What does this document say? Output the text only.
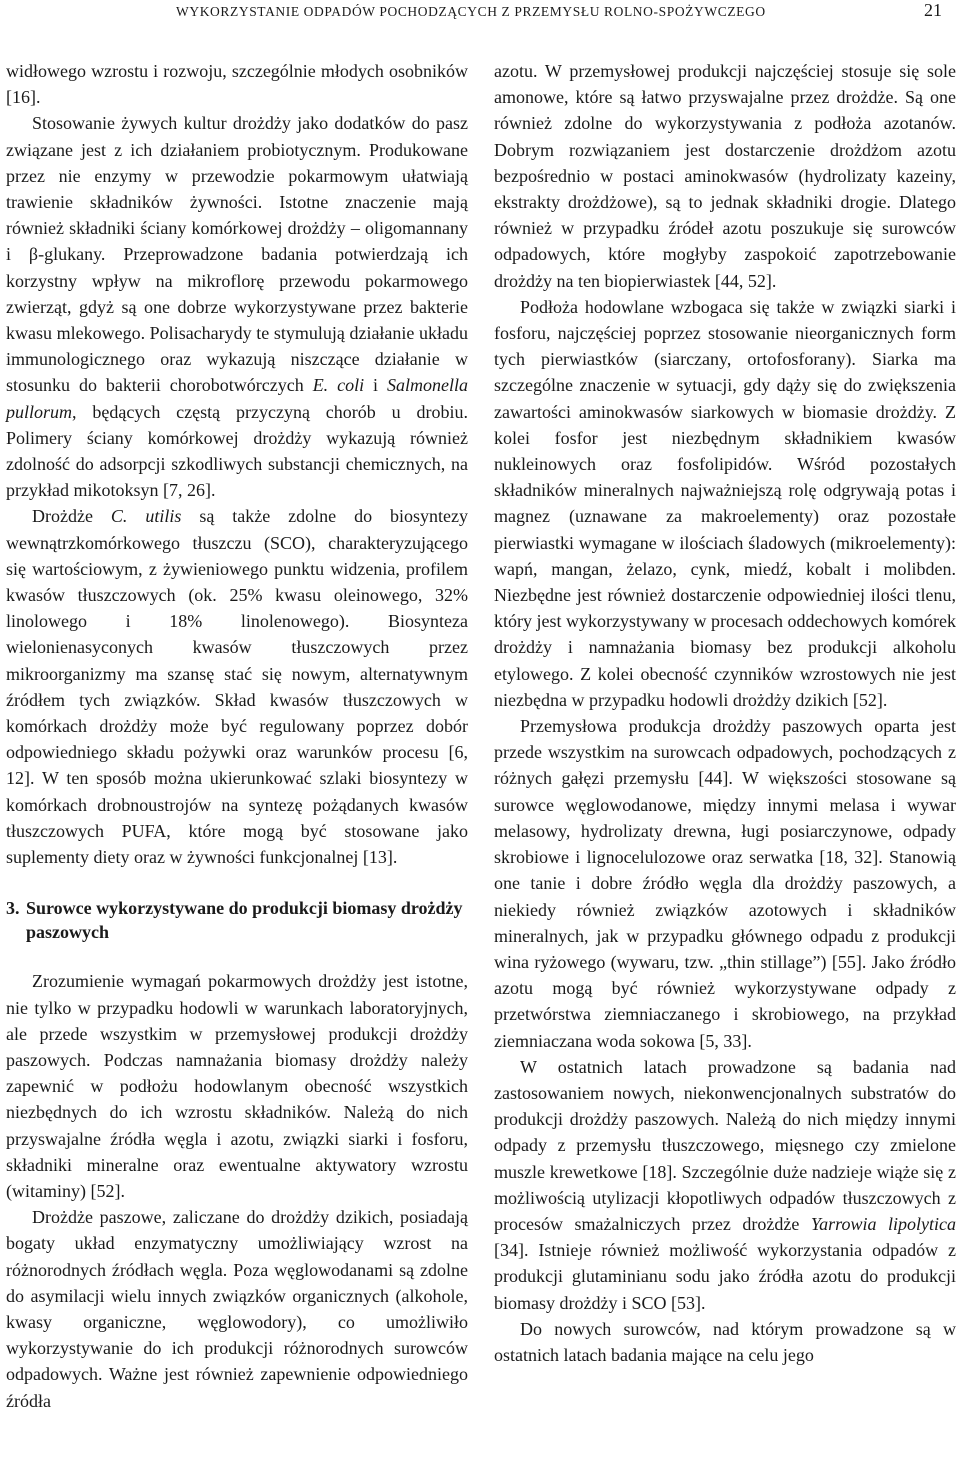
WYKORZYSTANIE ODPADÓW POCHODZĄCYCH Z PRZEMYSŁU ROLNO-SPOŻYWCZEGO	21

widłowego wzrostu i rozwoju, szczególnie młodych osobników [16].

Stosowanie żywych kultur drożdży jako dodatków do pasz związane jest z ich działaniem probiotycznym. Produkowane przez nie enzymy w przewodzie pokarmowym ułatwiają trawienie składników żywności. Istotne znaczenie mają również składniki ściany komórkowej drożdży – oligomannany i β-glukany. Przeprowadzone badania potwierdzają ich korzystny wpływ na mikroflorę przewodu pokarmowego zwierząt, gdyż są one dobrze wykorzystywane przez bakterie kwasu mlekowego. Polisacharydy te stymulują działanie układu immunologicznego oraz wykazują niszczące działanie w stosunku do bakterii chorobotwórczych E. coli i Salmonella pullorum, będących częstą przyczyną chorób u drobiu. Polimery ściany komórkowej drożdży wykazują również zdolność do adsorpcji szkodliwych substancji chemicznych, na przykład mikotoksyn [7, 26].

Drożdże C. utilis są także zdolne do biosyntezy wewnątrzkomórkowego tłuszczu (SCO), charakteryzującego się wartościowym, z żywieniowego punktu widzenia, profilem kwasów tłuszczowych (ok. 25% kwasu oleinowego, 32% linolowego i 18% linolenowego). Biosynteza wielonienasyconych kwasów tłuszczowych przez mikroorganizmy ma szansę stać się nowym, alternatywnym źródłem tych związków. Skład kwasów tłuszczowych w komórkach drożdży może być regulowany poprzez dobór odpowiedniego składu pożywki oraz warunków procesu [6, 12]. W ten sposób można ukierunkować szlaki biosyntezy w komórkach drobnoustrojów na syntezę pożądanych kwasów tłuszczowych PUFA, które mogą być stosowane jako suplementy diety oraz w żywności funkcjonalnej [13].

3. Surowce wykorzystywane do produkcji biomasy drożdży paszowych

Zrozumienie wymagań pokarmowych drożdży jest istotne, nie tylko w przypadku hodowli w warunkach laboratoryjnych, ale przede wszystkim w przemysłowej produkcji drożdży paszowych. Podczas namnażania biomasy drożdży należy zapewnić w podłożu hodowlanym obecność wszystkich niezbędnych do ich wzrostu składników. Należą do nich przyswajalne źródła węgla i azotu, związki siarki i fosforu, składniki mineralne oraz ewentualne aktywatory wzrostu (witaminy) [52].

Drożdże paszowe, zaliczane do drożdży dzikich, posiadają bogaty układ enzymatyczny umożliwiający wzrost na różnorodnych źródłach węgla. Poza węglowodanami są zdolne do asymilacji wielu innych związków organicznych (alkohole, kwasy organiczne, węglowodory), co umożliwiło wykorzystywanie do ich produkcji różnorodnych surowców odpadowych. Ważne jest również zapewnienie odpowiedniego źródła

azotu. W przemysłowej produkcji najczęściej stosuje się sole amonowe, które są łatwo przyswajalne przez drożdże. Są one również zdolne do wykorzystywania z podłoża azotanów. Dobrym rozwiązaniem jest dostarczenie drożdżom azotu bezpośrednio w postaci aminokwasów (hydrolizaty kazeiny, ekstrakty drożdżowe), są to jednak składniki drogie. Dlatego również w przypadku źródeł azotu poszukuje się surowców odpadowych, które mogłyby zaspokoić zapotrzebowanie drożdży na ten biopierwiastek [44, 52].

Podłoża hodowlane wzbogaca się także w związki siarki i fosforu, najczęściej poprzez stosowanie nieorganicznych form tych pierwiastków (siarczany, ortofosforany). Siarka ma szczególne znaczenie w sytuacji, gdy dąży się do zwiększenia zawartości aminokwasów siarkowych w biomasie drożdży. Z kolei fosfor jest niezbędnym składnikiem kwasów nukleinowych oraz fosfolipidów. Wśród pozostałych składników mineralnych najważniejszą rolę odgrywają potas i magnez (uznawane za makroelementy) oraz pozostałe pierwiastki wymagane w ilościach śladowych (mikroelementy): wapń, mangan, żelazo, cynk, miedź, kobalt i molibden. Niezbędne jest również dostarczenie odpowiedniej ilości tlenu, który jest wykorzystywany w procesach oddechowych komórek drożdży i namnażania biomasy bez produkcji alkoholu etylowego. Z kolei obecność czynników wzrostowych nie jest niezbędna w przypadku hodowli drożdży dzikich [52].

Przemysłowa produkcja drożdży paszowych oparta jest przede wszystkim na surowcach odpadowych, pochodzących z różnych gałęzi przemysłu [44]. W większości stosowane są surowce węglowodanowe, między innymi melasa i wywar melasowy, hydrolizaty drewna, ługi posiarczynowe, odpady skrobiowe i lignocelulozowe oraz serwatka [18, 32]. Stanowią one tanie i dobre źródło węgla dla drożdży paszowych, a niekiedy również związków azotowych i składników mineralnych, jak w przypadku głównego odpadu z produkcji wina ryżowego (wywaru, tzw. „thin stillage”) [55]. Jako źródło azotu mogą być również wykorzystywane odpady z przetwórstwa ziemniaczanego i skrobiowego, na przykład ziemniaczana woda sokowa [5, 33].

W ostatnich latach prowadzone są badania nad zastosowaniem nowych, niekonwencjonalnych substratów do produkcji drożdży paszowych. Należą do nich między innymi odpady z przemysłu tłuszczowego, mięsnego czy zmielone muszle krewetkowe [18]. Szczególnie duże nadzieje wiąże się z możliwością utylizacji kłopotliwych odpadów tłuszczowych z procesów smażalniczych przez drożdże Yarrowia lipolytica [34]. Istnieje również możliwość wykorzystania odpadów z produkcji glutaminianu sodu jako źródła azotu do produkcji biomasy drożdży i SCO [53].

Do nowych surowców, nad którym prowadzone są w ostatnich latach badania mające na celu jego
